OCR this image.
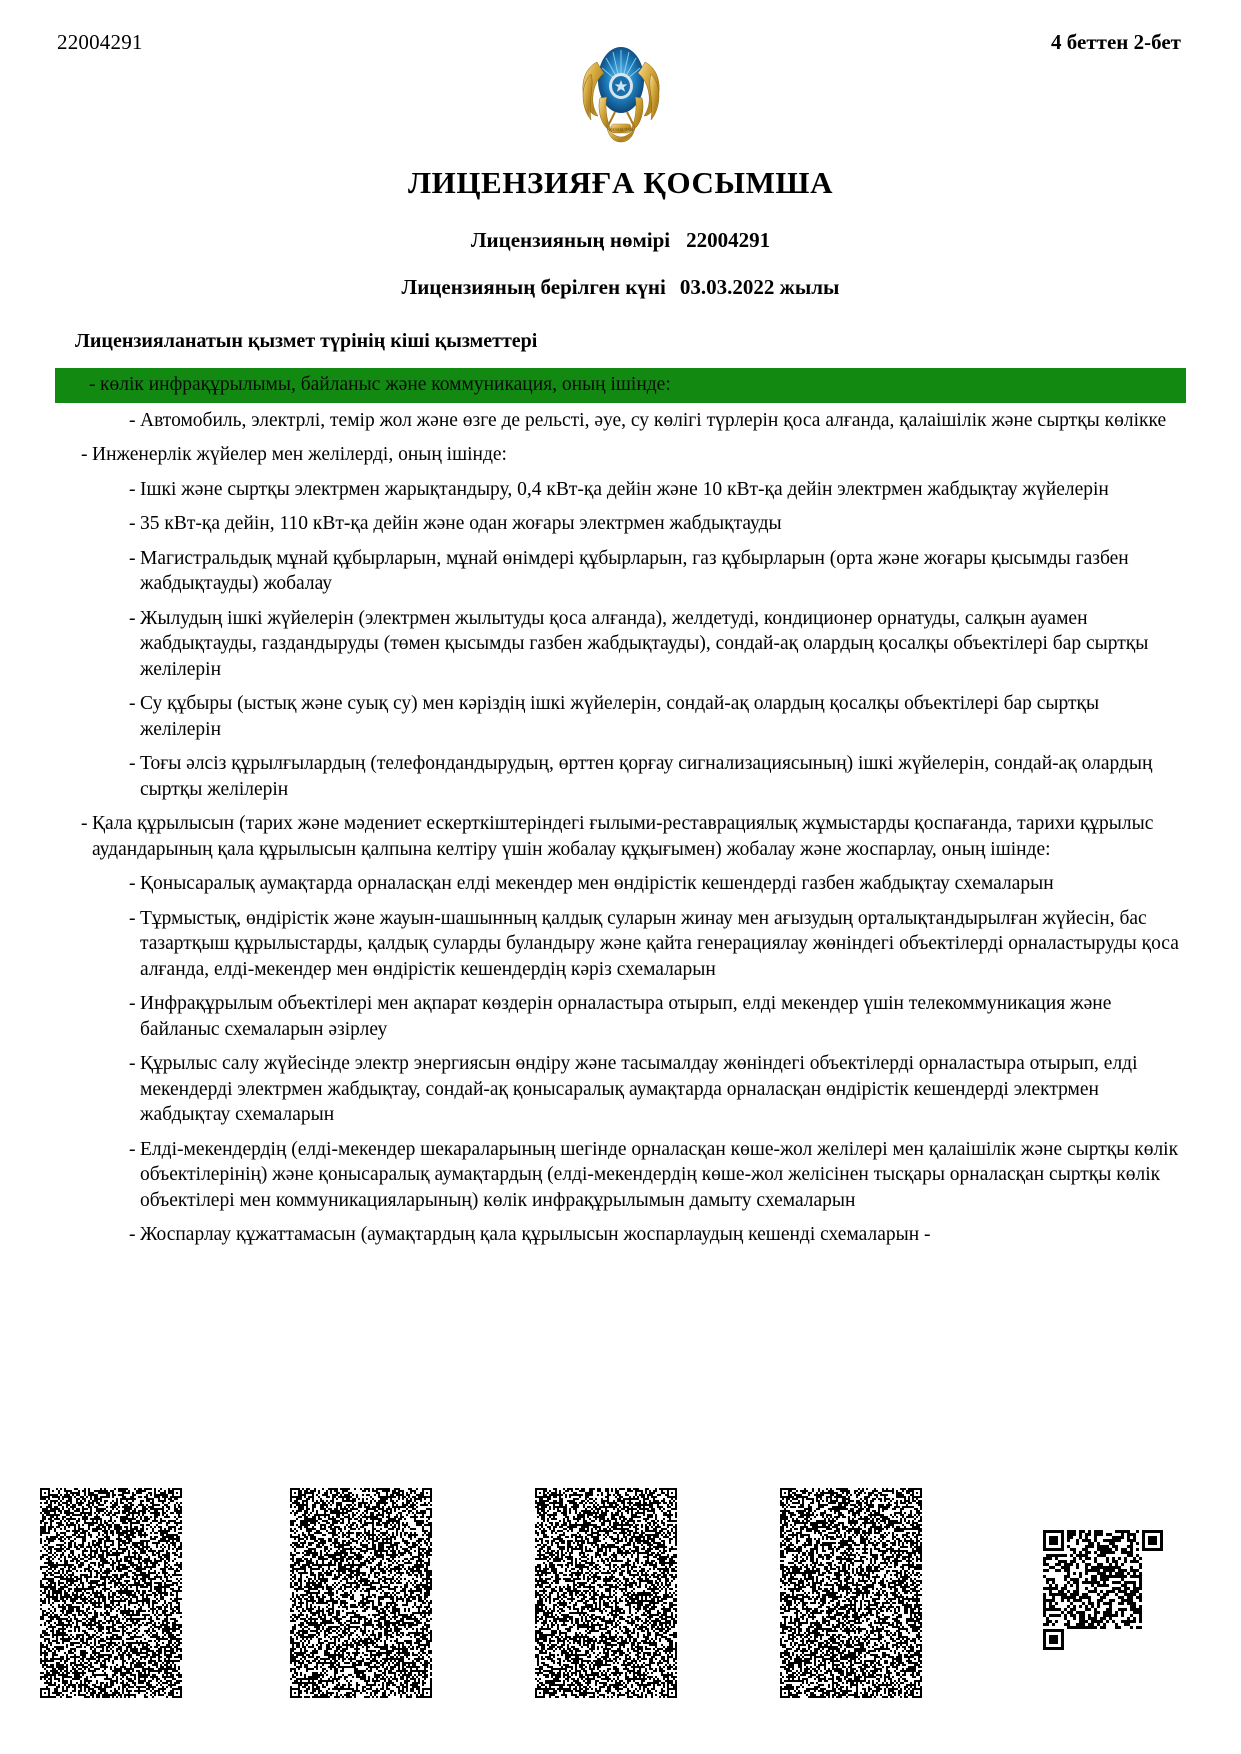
22004291	4 беттен 2-бет
ҚАЗАҚСТАН
ЛИЦЕНЗИЯҒА ҚОСЫМША
Лицензияның нөмірі 22004291
Лицензияның берілген күні 03.03.2022 жылы
Лицензияланатын қызмет түрінің кіші қызметтері
- көлік инфрақұрылымы, байланыс және коммуникация, оның ішінде:
- Автомобиль, электрлі, темір жол және өзге де рельсті, әуе, су көлігі түрлерін қоса алғанда, қалаішілік және сыртқы көлікке
- Инженерлік жүйелер мен желілерді, оның ішінде:
- Ішкі және сыртқы электрмен жарықтандыру, 0,4 кВт-қа дейін және 10 кВт-қа дейін электрмен жабдықтау жүйелерін
- 35 кВт-қа дейін, 110 кВт-қа дейін және одан жоғары электрмен жабдықтауды
- Магистральдық мұнай құбырларын, мұнай өнімдері құбырларын, газ құбырларын (орта және жоғары қысымды газбен жабдықтауды) жобалау
- Жылудың ішкі жүйелерін (электрмен жылытуды қоса алғанда), желдетуді, кондиционер орнатуды, салқын ауамен жабдықтауды, газдандыруды (төмен қысымды газбен жабдықтауды), сондай-ақ олардың қосалқы объектілері бар сыртқы желілерін
- Су құбыры (ыстық және суық су) мен кәріздің ішкі жүйелерін, сондай-ақ олардың қосалқы объектілері бар сыртқы желілерін
- Тоғы әлсіз құрылғылардың (телефондандырудың, өрттен қорғау сигнализациясының) ішкі жүйелерін, сондай-ақ олардың сыртқы желілерін
- Қала құрылысын (тарих және мәдениет ескерткіштеріндегі ғылыми-реставрациялық жұмыстарды қоспағанда, тарихи құрылыс аудандарының қала құрылысын қалпына келтіру үшін жобалау құқығымен) жобалау және жоспарлау, оның ішінде:
- Қонысаралық аумақтарда орналасқан елді мекендер мен өндірістік кешендерді газбен жабдықтау схемаларын
- Тұрмыстық, өндірістік және жауын-шашынның қалдық суларын жинау мен ағызудың орталықтандырылған жүйесін, бас тазартқыш құрылыстарды, қалдық суларды буландыру және қайта генерациялау жөніндегі объектілерді орналастыруды қоса алғанда, елді-мекендер мен өндірістік кешендердің кәріз схемаларын
- Инфрақұрылым объектілері мен ақпарат көздерін орналастыра отырып, елді мекендер үшін телекоммуникация және байланыс схемаларын әзірлеу
- Құрылыс салу жүйесінде электр энергиясын өндіру және тасымалдау жөніндегі объектілерді орналастыра отырып, елді мекендерді электрмен жабдықтау, сондай-ақ қонысаралық аумақтарда орналасқан өндірістік кешендерді электрмен жабдықтау схемаларын
- Елді-мекендердің (елді-мекендер шекараларының шегінде орналасқан көше-жол желілері мен қалаішілік және сыртқы көлік объектілерінің) және қонысаралық аумақтардың (елді-мекендердің көше-жол желісінен тысқары орналасқан сыртқы көлік объектілері мен коммуникацияларының) көлік инфрақұрылымын дамыту схемаларын
- Жоспарлау құжаттамасын (аумақтардың қала құрылысын жоспарлаудың кешенді схемаларын -
